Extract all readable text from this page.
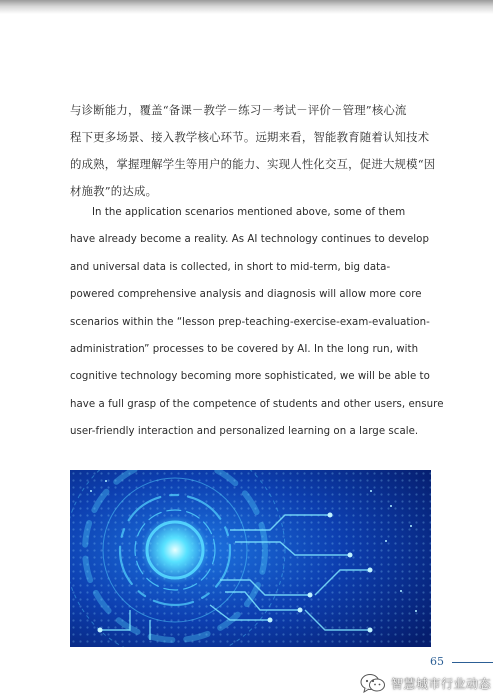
与诊断能力，覆盖“备课－教学－练习－考试－评价－管理”核心流
程下更多场景、接入教学核心环节。远期来看，智能教育随着认知技术
的成熟，掌握理解学生等用户的能力、实现人性化交互，促进大规模“因
材施教”的达成。
In the application scenarios mentioned above, some of them
have already become a reality. As AI technology continues to develop
and universal data is collected, in short to mid-term, big data-
powered comprehensive analysis and diagnosis will allow more core
scenarios within the “lesson prep-teaching-exercise-exam-evaluation-
administration” processes to be covered by AI. In the long run, with
cognitive technology becoming more sophisticated, we will be able to
have a full grasp of the competence of students and other users, ensure
user-friendly interaction and personalized learning on a large scale.
65
智慧城市行业动态
